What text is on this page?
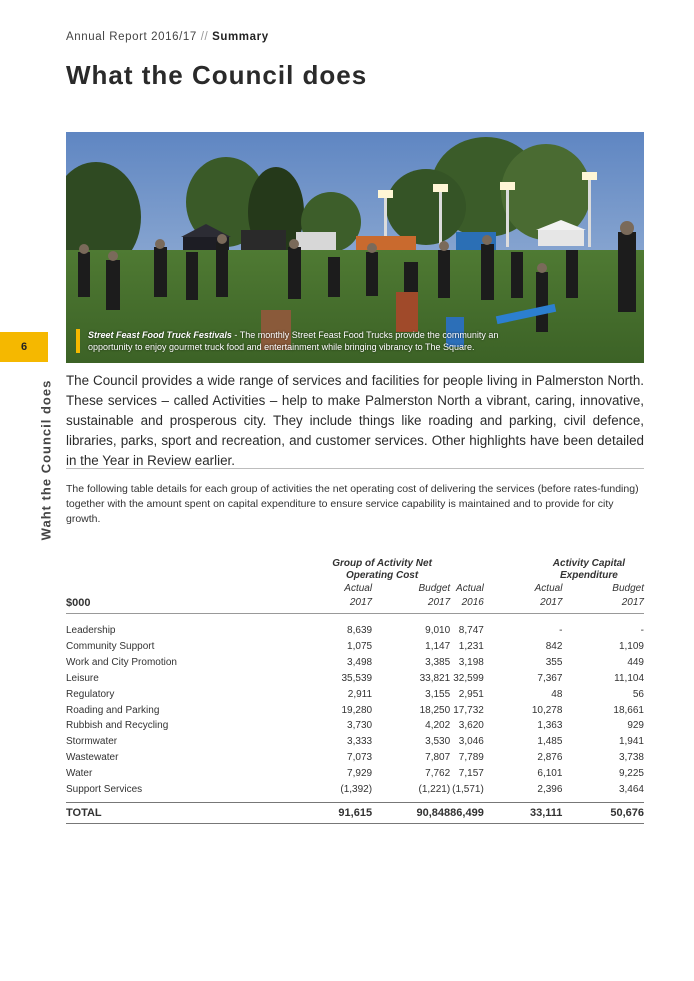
Annual Report 2016/17 // Summary
What the Council does
6
Waht the Council does
Street Feast Food Truck Festivals - The monthly Street Feast Food Trucks provide the community an opportunity to enjoy gourmet truck food and entertainment while bringing vibrancy to The Square.

The Council provides a wide range of services and facilities for people living in Palmerston North. These services – called Activities – help to make Palmerston North a vibrant, caring, innovative, sustainable and prosperous city. They include things like roading and parking, civil defence, libraries, parks, sport and recreation, and customer services. Other highlights have been detailed in the Year in Review earlier.

The following table details for each group of activities the net operating cost of delivering the services (before rates-funding) together with the amount spent on capital expenditure to ensure service capability is maintained and to provide for city growth.

	Group of Activity Net Operating Cost			Activity Capital Expenditure	
	Actual	Budget	Actual	Actual	Budget
$000	2017	2017	2016	2017	2017

Leadership	8,639	9,010	8,747	-	-
Community Support	1,075	1,147	1,231	842	1,109
Work and City Promotion	3,498	3,385	3,198	355	449
Leisure	35,539	33,821	32,599	7,367	11,104
Regulatory	2,911	3,155	2,951	48	56
Roading and Parking	19,280	18,250	17,732	10,278	18,661
Rubbish and Recycling	3,730	4,202	3,620	1,363	929
Stormwater	3,333	3,530	3,046	1,485	1,941
Wastewater	7,073	7,807	7,789	2,876	3,738
Water	7,929	7,762	7,157	6,101	9,225
Support Services	(1,392)	(1,221)	(1,571)	2,396	3,464

TOTAL	91,615	90,848	86,499	33,111	50,676
